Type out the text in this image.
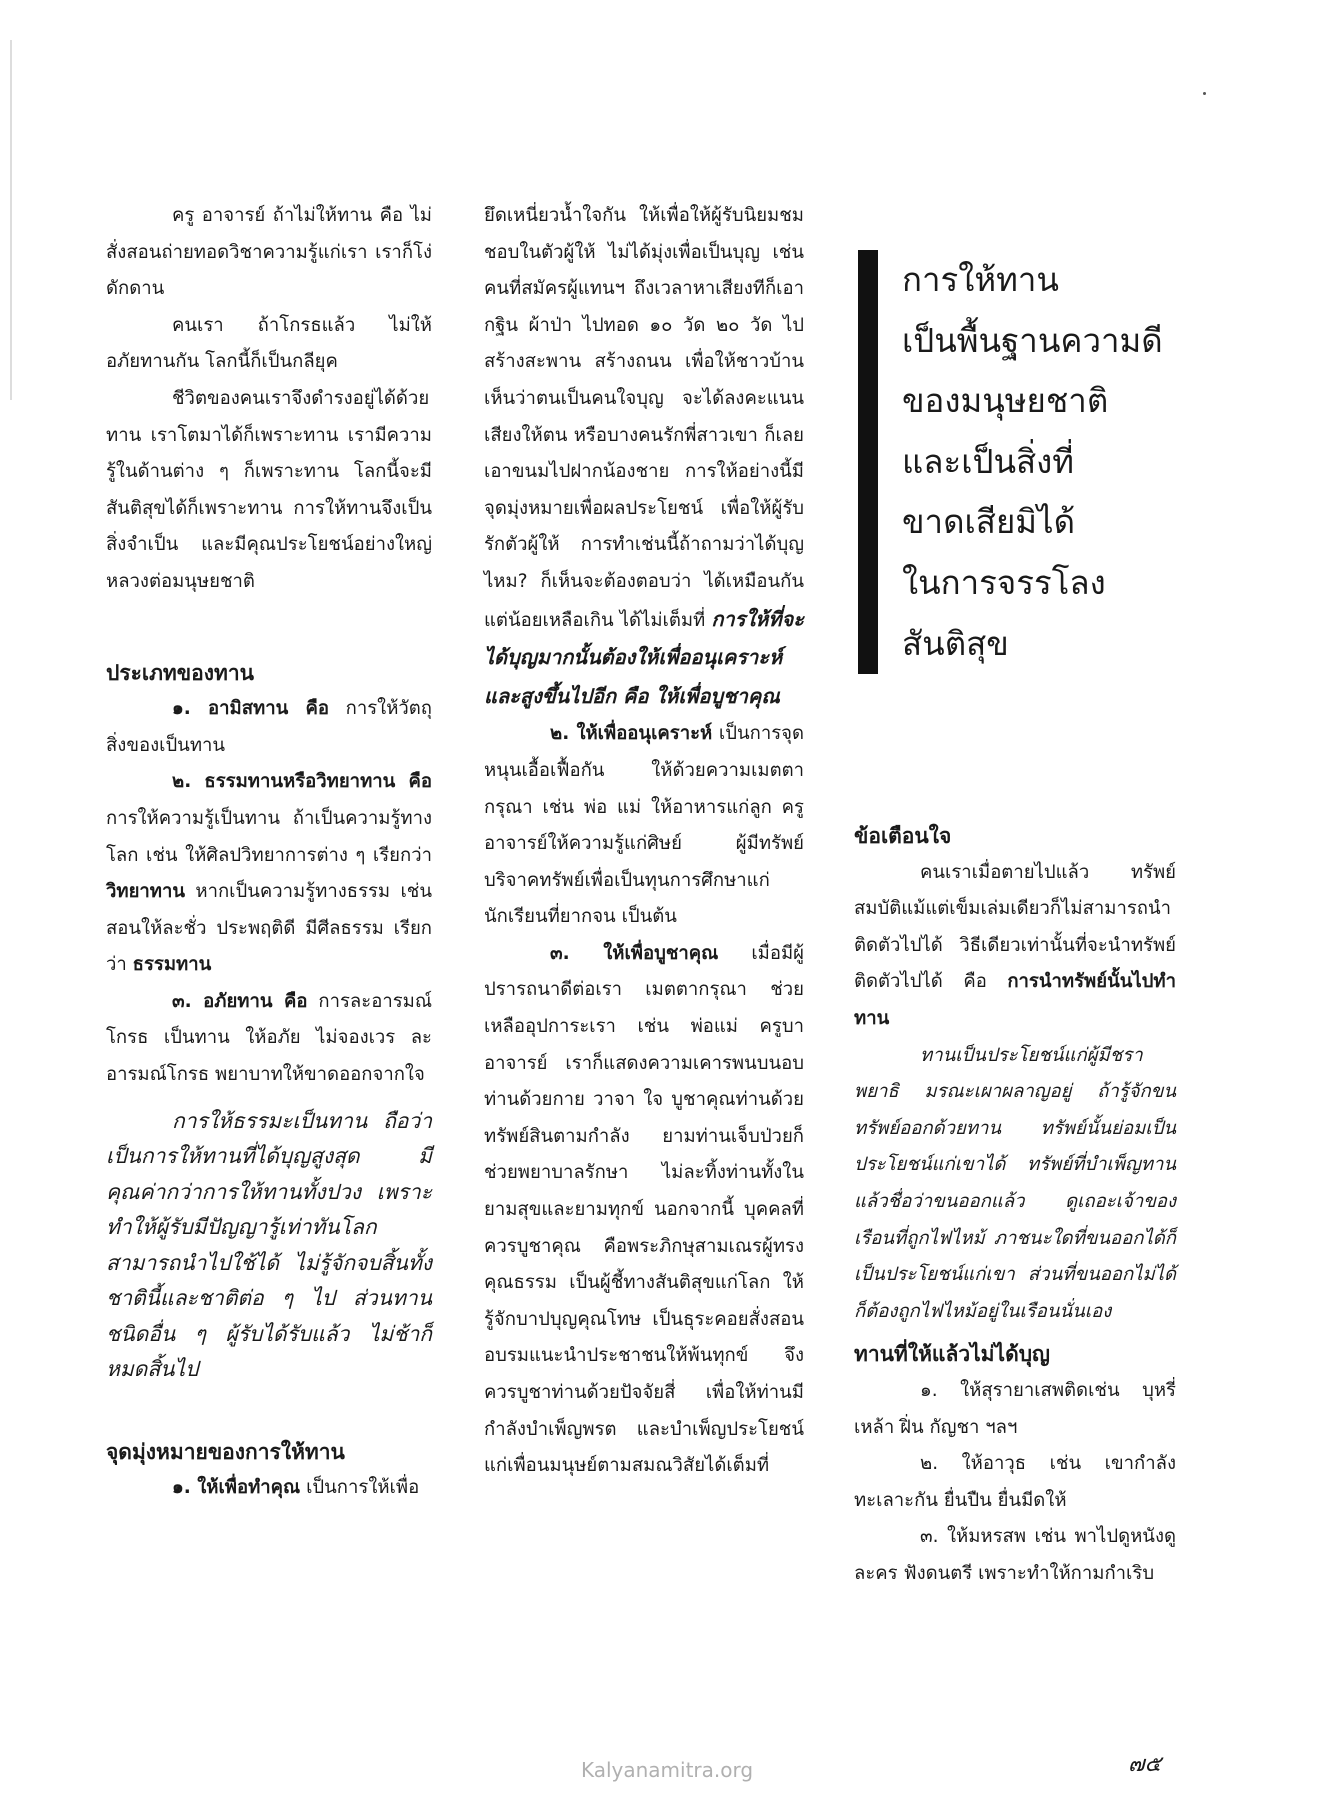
ครู อาจารย์ ถ้าไม่ให้ทาน คือ ไม่สั่งสอนถ่ายทอดวิชาความรู้แก่เรา เราก็โง่ดักดาน

คนเรา ถ้าโกรธแล้ว ไม่ให้อภัยทานกัน โลกนี้ก็เป็นกลียุค

ชีวิตของคนเราจึงดำรงอยู่ได้ด้วยทาน เราโตมาได้ก็เพราะทาน เรามีความรู้ในด้านต่าง ๆ ก็เพราะทาน โลกนี้จะมีสันติสุขได้ก็เพราะทาน การให้ทานจึงเป็นสิ่งจำเป็น และมีคุณประโยชน์อย่างใหญ่หลวงต่อมนุษยชาติ

ประเภทของทาน

๑. อามิสทาน คือ การให้วัตถุสิ่งของเป็นทาน

๒. ธรรมทานหรือวิทยาทาน คือ การให้ความรู้เป็นทาน ถ้าเป็นความรู้ทางโลก เช่น ให้ศิลปวิทยาการต่าง ๆ เรียกว่า วิทยาทาน หากเป็นความรู้ทางธรรม เช่น สอนให้ละชั่ว ประพฤติดี มีศีลธรรม เรียกว่า ธรรมทาน

๓. อภัยทาน คือ การละอารมณ์โกรธ เป็นทาน ให้อภัย ไม่จองเวร ละอารมณ์โกรธ พยาบาทให้ขาดออกจากใจ

การให้ธรรมะเป็นทาน ถือว่าเป็นการให้ทานที่ได้บุญสูงสุด มีคุณค่ากว่าการให้ทานทั้งปวง เพราะทำให้ผู้รับมีปัญญารู้เท่าทันโลก สามารถนำไปใช้ได้ ไม่รู้จักจบสิ้นทั้งชาตินี้และชาติต่อ ๆ ไป ส่วนทานชนิดอื่น ๆ ผู้รับได้รับแล้ว ไม่ช้าก็หมดสิ้นไป

จุดมุ่งหมายของการให้ทาน

๑. ให้เพื่อทำคุณ เป็นการให้เพื่อ

ยึดเหนี่ยวน้ำใจกัน ให้เพื่อให้ผู้รับนิยมชมชอบในตัวผู้ให้ ไม่ได้มุ่งเพื่อเป็นบุญ เช่นคนที่สมัครผู้แทนฯ ถึงเวลาหาเสียงทีก็เอากฐิน ผ้าป่า ไปทอด ๑๐ วัด ๒๐ วัด ไปสร้างสะพาน สร้างถนน เพื่อให้ชาวบ้านเห็นว่าตนเป็นคนใจบุญ จะได้ลงคะแนนเสียงให้ตน หรือบางคนรักพี่สาวเขา ก็เลยเอาขนมไปฝากน้องชาย การให้อย่างนี้มีจุดมุ่งหมายเพื่อผลประโยชน์ เพื่อให้ผู้รับรักตัวผู้ให้ การทำเช่นนี้ถ้าถามว่าได้บุญไหม? ก็เห็นจะต้องตอบว่า ได้เหมือนกันแต่น้อยเหลือเกิน ได้ไม่เต็มที่ การให้ที่จะได้บุญมากนั้นต้องให้เพื่ออนุเคราะห์ และสูงขึ้นไปอีก คือ ให้เพื่อบูชาคุณ

๒. ให้เพื่ออนุเคราะห์ เป็นการจุดหนุนเอื้อเฟื้อกัน ให้ด้วยความเมตตากรุณา เช่น พ่อ แม่ ให้อาหารแก่ลูก ครูอาจารย์ให้ความรู้แก่ศิษย์ ผู้มีทรัพย์บริจาคทรัพย์เพื่อเป็นทุนการศึกษาแก่นักเรียนที่ยากจน เป็นต้น

๓. ให้เพื่อบูชาคุณ เมื่อมีผู้ปรารถนาดีต่อเรา เมตตากรุณา ช่วยเหลืออุปการะเรา เช่น พ่อแม่ ครูบาอาจารย์ เราก็แสดงความเคารพนบนอบท่านด้วยกาย วาจา ใจ บูชาคุณท่านด้วยทรัพย์สินตามกำลัง ยามท่านเจ็บป่วยก็ช่วยพยาบาลรักษา ไม่ละทิ้งท่านทั้งในยามสุขและยามทุกข์ นอกจากนี้ บุคคลที่ควรบูชาคุณ คือพระภิกษุสามเณรผู้ทรงคุณธรรม เป็นผู้ชี้ทางสันติสุขแก่โลก ให้รู้จักบาปบุญคุณโทษ เป็นธุระคอยสั่งสอนอบรมแนะนำประชาชนให้พ้นทุกข์ จึงควรบูชาท่านด้วยปัจจัยสี่ เพื่อให้ท่านมีกำลังบำเพ็ญพรต และบำเพ็ญประโยชน์แก่เพื่อนมนุษย์ตามสมณวิสัยได้เต็มที่

การให้ทาน
เป็นพื้นฐานความดี
ของมนุษยชาติ
และเป็นสิ่งที่
ขาดเสียมิได้
ในการจรรโลง
สันติสุข

ข้อเตือนใจ

คนเราเมื่อตายไปแล้ว ทรัพย์สมบัติแม้แต่เข็มเล่มเดียวก็ไม่สามารถนำติดตัวไปได้ วิธีเดียวเท่านั้นที่จะนำทรัพย์ติดตัวไปได้ คือ การนำทรัพย์นั้นไปทำทาน

ทานเป็นประโยชน์แก่ผู้มีชราพยาธิ มรณะเผาผลาญอยู่ ถ้ารู้จักขนทรัพย์ออกด้วยทาน ทรัพย์นั้นย่อมเป็นประโยชน์แก่เขาได้ ทรัพย์ที่บำเพ็ญทานแล้วชื่อว่าขนออกแล้ว ดูเถอะเจ้าของเรือนที่ถูกไฟไหม้ ภาชนะใดที่ขนออกได้ก็เป็นประโยชน์แก่เขา ส่วนที่ขนออกไม่ได้ก็ต้องถูกไฟไหม้อยู่ในเรือนนั่นเอง

ทานที่ให้แล้วไม่ได้บุญ

๑. ให้สุรายาเสพติดเช่น บุหรี่ เหล้า ฝิ่น กัญชา ฯลฯ

๒. ให้อาวุธ เช่น เขากำลังทะเลาะกัน ยื่นปืน ยื่นมีดให้

๓. ให้มหรสพ เช่น พาไปดูหนังดูละคร ฟังดนตรี เพราะทำให้กามกำเริบ

๗๕
Kalyanamitra.org
